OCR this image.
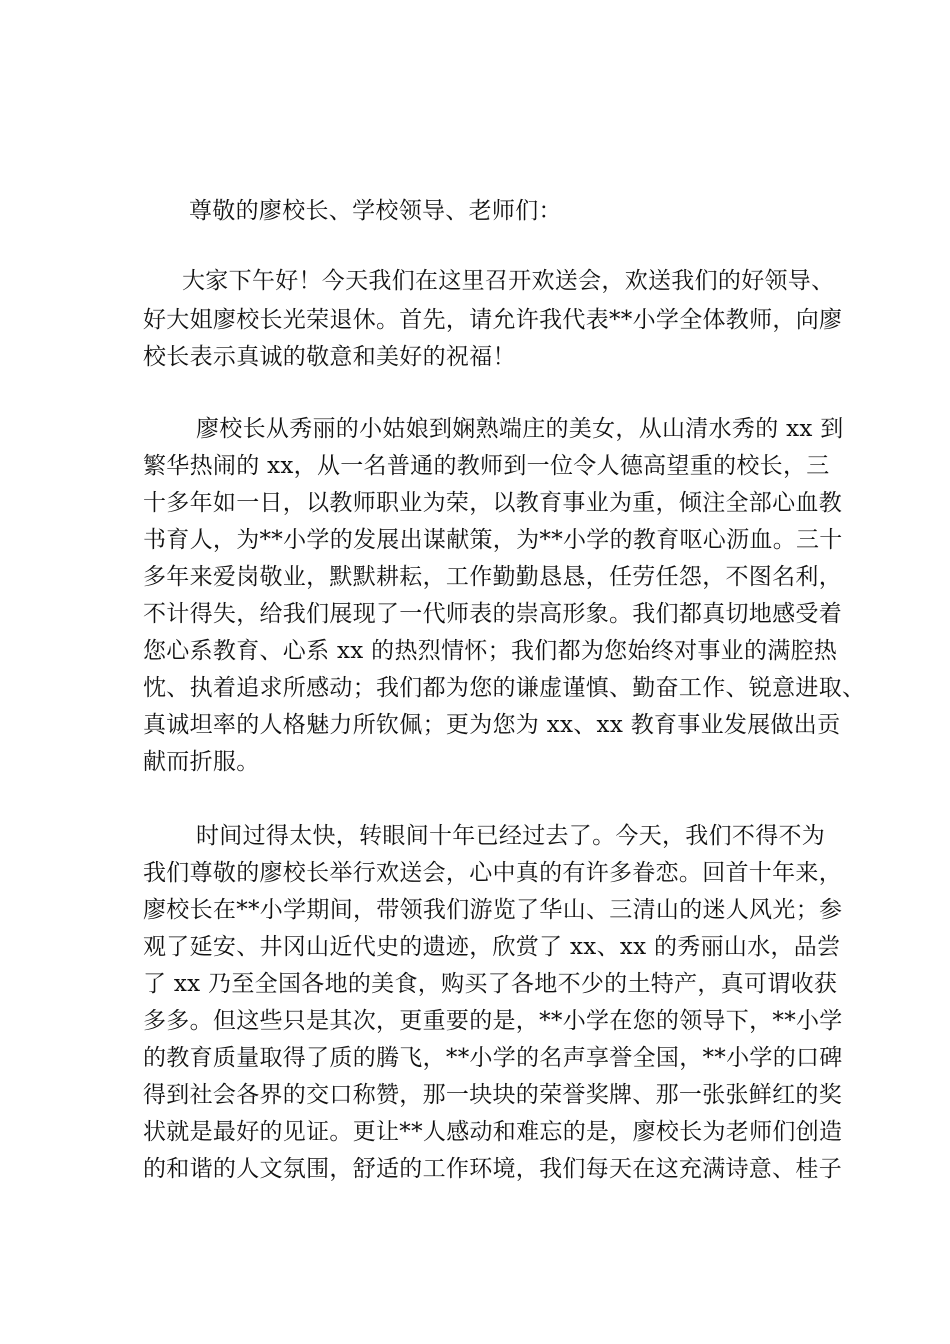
尊敬的廖校长、学校领导、老师们：
大家下午好！今天我们在这里召开欢送会，欢送我们的好领导、
好大姐廖校长光荣退休。首先，请允许我代表**小学全体教师，向廖
校长表示真诚的敬意和美好的祝福！
廖校长从秀丽的小姑娘到娴熟端庄的美女，从山清水秀的 xx 到
繁华热闹的 xx，从一名普通的教师到一位令人德高望重的校长，三
十多年如一日，以教师职业为荣，以教育事业为重，倾注全部心血教
书育人，为**小学的发展出谋献策，为**小学的教育呕心沥血。三十
多年来爱岗敬业，默默耕耘，工作勤勤恳恳，任劳任怨，不图名利，
不计得失，给我们展现了一代师表的崇高形象。我们都真切地感受着
您心系教育、心系 xx 的热烈情怀；我们都为您始终对事业的满腔热
忱、执着追求所感动；我们都为您的谦虚谨慎、勤奋工作、锐意进取、
真诚坦率的人格魅力所钦佩；更为您为 xx、xx 教育事业发展做出贡
献而折服。
时间过得太快，转眼间十年已经过去了。今天，我们不得不为
我们尊敬的廖校长举行欢送会，心中真的有许多眷恋。回首十年来，
廖校长在**小学期间，带领我们游览了华山、三清山的迷人风光；参
观了延安、井冈山近代史的遗迹，欣赏了 xx、xx 的秀丽山水，品尝
了 xx 乃至全国各地的美食，购买了各地不少的土特产，真可谓收获
多多。但这些只是其次，更重要的是，**小学在您的领导下，**小学
的教育质量取得了质的腾飞，**小学的名声享誉全国，**小学的口碑
得到社会各界的交口称赞，那一块块的荣誉奖牌、那一张张鲜红的奖
状就是最好的见证。更让**人感动和难忘的是，廖校长为老师们创造
的和谐的人文氛围，舒适的工作环境，我们每天在这充满诗意、桂子
